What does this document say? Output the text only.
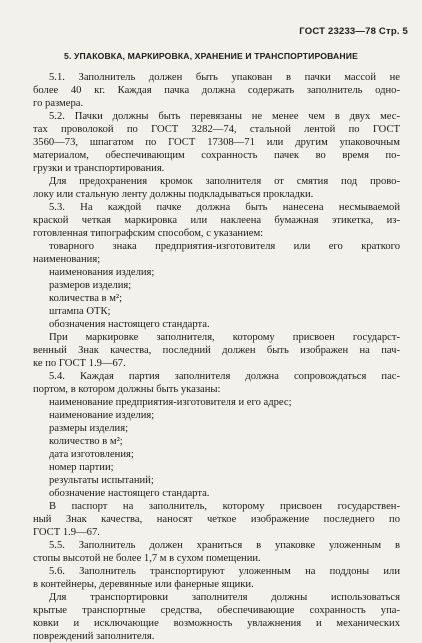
ГОСТ 23233—78 Стр. 5
5. УПАКОВКА, МАРКИРОВКА, ХРАНЕНИЕ И ТРАНСПОРТИРОВАНИЕ
5.1. Заполнитель должен быть упакован в пачки массой не
более 40 кг. Каждая пачка должна содержать заполнитель одно-
го размера.
5.2. Пачки должны быть перевязаны не менее чем в двух мес-
тах проволокой по ГОСТ 3282—74, стальной лентой по ГОСТ
3560—73, шпагатом по ГОСТ 17308—71 или другим упаковочным
материалом, обеспечивающим сохранность пачек во время по-
грузки и транспортирования.
Для предохранения кромок заполнителя от смятия под прово-
локу или стальную ленту должны подкладываться прокладки.
5.3. На каждой пачке должна быть нанесена несмываемой
краской четкая маркировка или наклеена бумажная этикетка, из-
готовленная типографским способом, с указанием:
товарного знака предприятия-изготовителя или его краткого
наименования;
наименования изделия;
размеров изделия;
количества в м²;
штампа ОТК;
обозначения настоящего стандарта.
При маркировке заполнителя, которому присвоен государст-
венный Знак качества, последний должен быть изображен на пач-
ке по ГОСТ 1.9—67.
5.4. Каждая партия заполнителя должна сопровождаться пас-
портом, в котором должны быть указаны:
наименование предприятия-изготовителя и его адрес;
наименование изделия;
размеры изделия;
количество в м²;
дата изготовления;
номер партии;
результаты испытаний;
обозначение настоящего стандарта.
В паспорт на заполнитель, которому присвоен государствен-
ный Знак качества, наносят четкое изображение последнего по
ГОСТ 1.9—67.
5.5. Заполнитель должен храниться в упаковке уложенным в
стопы высотой не более 1,7 м в сухом помещении.
5.6. Заполнитель транспортируют уложенным на поддоны или
в контейнеры, деревянные или фанерные ящики.
Для транспортировки заполнителя должны использоваться
крытые транспортные средства, обеспечивающие сохранность упа-
ковки и исключающие возможность увлажнения и механических
повреждений заполнителя.
